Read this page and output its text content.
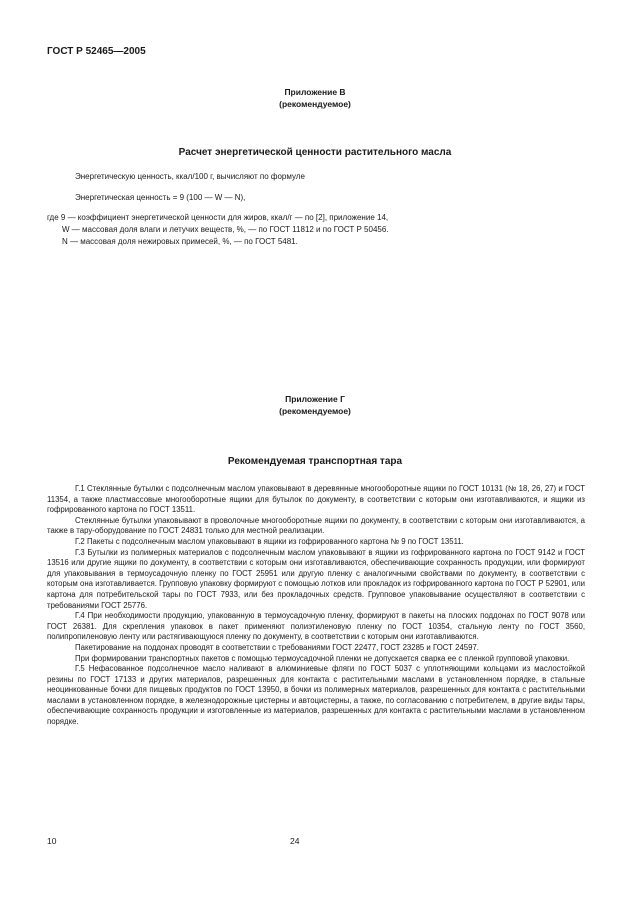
ГОСТ Р 52465—2005
Приложение В
(рекомендуемое)
Расчет энергетической ценности растительного масла
Энергетическую ценность, ккал/100 г, вычисляют по формуле
Энергетическая ценность = 9 (100 — W — N),
где 9 — коэффициент энергетической ценности для жиров, ккал/г — по [2], приложение 14,
W — массовая доля влаги и летучих веществ, %, — по ГОСТ 11812 и по ГОСТ Р 50456.
N — массовая доля нежировых примесей, %, — по ГОСТ 5481.
Приложение Г
(рекомендуемое)
Рекомендуемая транспортная тара

Г.1 Стеклянные бутылки с подсолнечным маслом упаковывают в деревянные многооборотные ящики по ГОСТ 10131 (№ 18, 26, 27) и ГОСТ 11354, а также пластмассовые многооборотные ящики для бутылок по документу, в соответствии с которым они изготавливаются, и ящики из гофрированного картона по ГОСТ 13511.

Стеклянные бутылки упаковывают в проволочные многооборотные ящики по документу, в соответствии с которым они изготавливаются, а также в тару-оборудование по ГОСТ 24831 только для местной реализации.

Г.2 Пакеты с подсолнечным маслом упаковывают в ящики из гофрированного картона № 9 по ГОСТ 13511.

Г.3 Бутылки из полимерных материалов с подсолнечным маслом упаковывают в ящики из гофрированного картона по ГОСТ 9142 и ГОСТ 13516 или другие ящики по документу, в соответствии с которым они изготавливаются, обеспечивающие сохранность продукции, или формируют для упаковывания в термоусадочную пленку по ГОСТ 25951 или другую пленку с аналогичными свойствами по документу, в соответствии с которым она изготавливается. Групповую упаковку формируют с помощью лотков или прокладок из гофрированного картона по ГОСТ Р 52901, или картона для потребительской тары по ГОСТ 7933, или без прокладочных средств. Групповое упаковывание осуществляют в соответствии с требованиями ГОСТ 25776.

Г.4 При необходимости продукцию, упакованную в термоусадочную пленку, формируют в пакеты на плоских поддонах по ГОСТ 9078 или ГОСТ 26381. Для скрепления упаковок в пакет применяют полиэтиленовую пленку по ГОСТ 10354, стальную ленту по ГОСТ 3560, полипропиленовую ленту или растягивающуюся пленку по документу, в соответствии с которым они изготавливаются.

Пакетирование на поддонах проводят в соответствии с требованиями ГОСТ 22477, ГОСТ 23285 и ГОСТ 24597.

При формировании транспортных пакетов с помощью термоусадочной пленки не допускается сварка ее с пленкой групповой упаковки.

Г.5 Нефасованное подсолнечное масло наливают в алюминиевые фляги по ГОСТ 5037 с уплотняющими кольцами из маслостойкой резины по ГОСТ 17133 и других материалов, разрешенных для контакта с растительными маслами в установленном порядке, в стальные неоцинкованные бочки для пищевых продуктов по ГОСТ 13950, в бочки из полимерных материалов, разрешенных для контакта с растительными маслами в установленном порядке, в железнодорожные цистерны и автоцистерны, а также, по согласованию с потребителем, в другие виды тары, обеспечивающие сохранность продукции и изготовленные из материалов, разрешенных для контакта с растительными маслами в установленном порядке.

10	24
